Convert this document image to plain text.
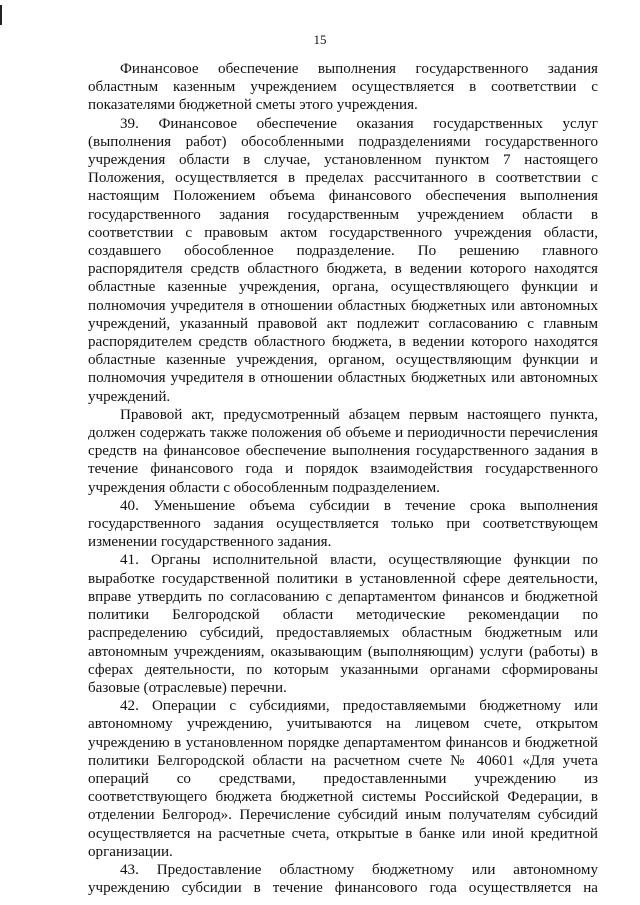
15

Финансовое обеспечение выполнения государственного задания областным казенным учреждением осуществляется в соответствии с показателями бюджетной сметы этого учреждения.

39. Финансовое обеспечение оказания государственных услуг (выполнения работ) обособленными подразделениями государственного учреждения области в случае, установленном пунктом 7 настоящего Положения, осуществляется в пределах рассчитанного в соответствии с настоящим Положением объема финансового обеспечения выполнения государственного задания государственным учреждением области в соответствии с правовым актом государственного учреждения области, создавшего обособленное подразделение. По решению главного распорядителя средств областного бюджета, в ведении которого находятся областные казенные учреждения, органа, осуществляющего функции и полномочия учредителя в отношении областных бюджетных или автономных учреждений, указанный правовой акт подлежит согласованию с главным распорядителем средств областного бюджета, в ведении которого находятся областные казенные учреждения, органом, осуществляющим функции и полномочия учредителя в отношении областных бюджетных или автономных учреждений.

Правовой акт, предусмотренный абзацем первым настоящего пункта, должен содержать также положения об объеме и периодичности перечисления средств на финансовое обеспечение выполнения государственного задания в течение финансового года и порядок взаимодействия государственного учреждения области с обособленным подразделением.

40. Уменьшение объема субсидии в течение срока выполнения государственного задания осуществляется только при соответствующем изменении государственного задания.

41. Органы исполнительной власти, осуществляющие функции по выработке государственной политики в установленной сфере деятельности, вправе утвердить по согласованию с департаментом финансов и бюджетной политики Белгородской области методические рекомендации по распределению субсидий, предоставляемых областным бюджетным или автономным учреждениям, оказывающим (выполняющим) услуги (работы) в сферах деятельности, по которым указанными органами сформированы базовые (отраслевые) перечни.

42. Операции с субсидиями, предоставляемыми бюджетному или автономному учреждению, учитываются на лицевом счете, открытом учреждению в установленном порядке департаментом финансов и бюджетной политики Белгородской области на расчетном счете № 40601 «Для учета операций со средствами, предоставленными учреждению из соответствующего бюджета бюджетной системы Российской Федерации, в отделении Белгород». Перечисление субсидий иным получателям субсидий осуществляется на расчетные счета, открытые в банке или иной кредитной организации.

43. Предоставление областному бюджетному или автономному учреждению субсидии в течение финансового года осуществляется на
